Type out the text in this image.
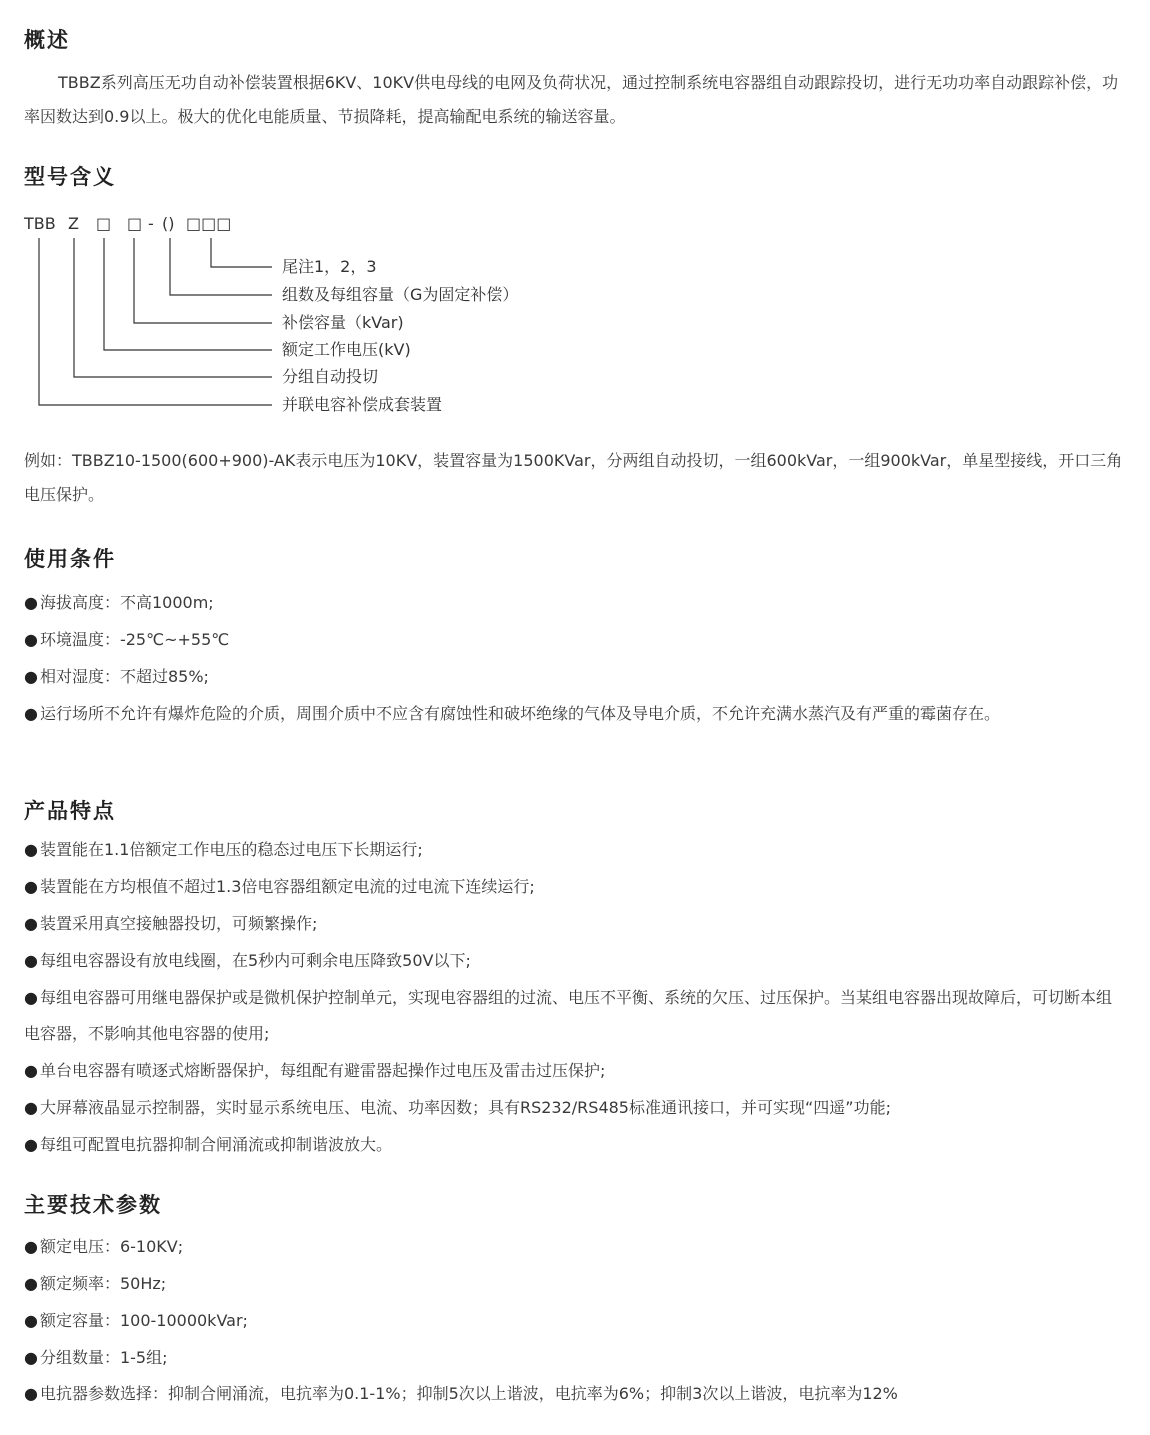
概述

TBBZ系列高压无功自动补偿装置根据6KV、10KV供电母线的电网及负荷状况，通过控制系统电容器组自动跟踪投切，进行无功功率自动跟踪补偿，功率因数达到0.9以上。极大的优化电能质量、节损降耗，提高输配电系统的输送容量。

型号含义
TBB Z □ □ - () □□□
尾注1，2，3
组数及每组容量（G为固定补偿）
补偿容量（kVar)
额定工作电压(kV)
分组自动投切
并联电容补偿成套装置

例如：TBBZ10-1500(600+900)-AK表示电压为10KV，装置容量为1500KVar，分两组自动投切，一组600kVar，一组900kVar，单星型接线，开口三角电压保护。

使用条件

● 海拔高度：不高1000m;

● 环境温度：-25℃~+55℃

● 相对湿度：不超过85%;

● 运行场所不允许有爆炸危险的介质，周围介质中不应含有腐蚀性和破坏绝缘的气体及导电介质，不允许充满水蒸汽及有严重的霉菌存在。

产品特点

● 装置能在1.1倍额定工作电压的稳态过电压下长期运行;

● 装置能在方均根值不超过1.3倍电容器组额定电流的过电流下连续运行;

● 装置采用真空接触器投切，可频繁操作;

● 每组电容器设有放电线圈，在5秒内可剩余电压降致50V以下;

● 每组电容器可用继电器保护或是微机保护控制单元，实现电容器组的过流、电压不平衡、系统的欠压、过压保护。当某组电容器出现故障后，可切断本组电容器，不影响其他电容器的使用;

● 单台电容器有喷逐式熔断器保护，每组配有避雷器起操作过电压及雷击过压保护;

● 大屏幕液晶显示控制器，实时显示系统电压、电流、功率因数；具有RS232/RS485标准通讯接口，并可实现“四遥”功能;

● 每组可配置电抗器抑制合闸涌流或抑制谐波放大。

主要技术参数

● 额定电压：6-10KV;

● 额定频率：50Hz;

● 额定容量：100-10000kVar;

● 分组数量：1-5组;

● 电抗器参数选择：抑制合闸涌流，电抗率为0.1-1%；抑制5次以上谐波，电抗率为6%；抑制3次以上谐波，电抗率为12%
